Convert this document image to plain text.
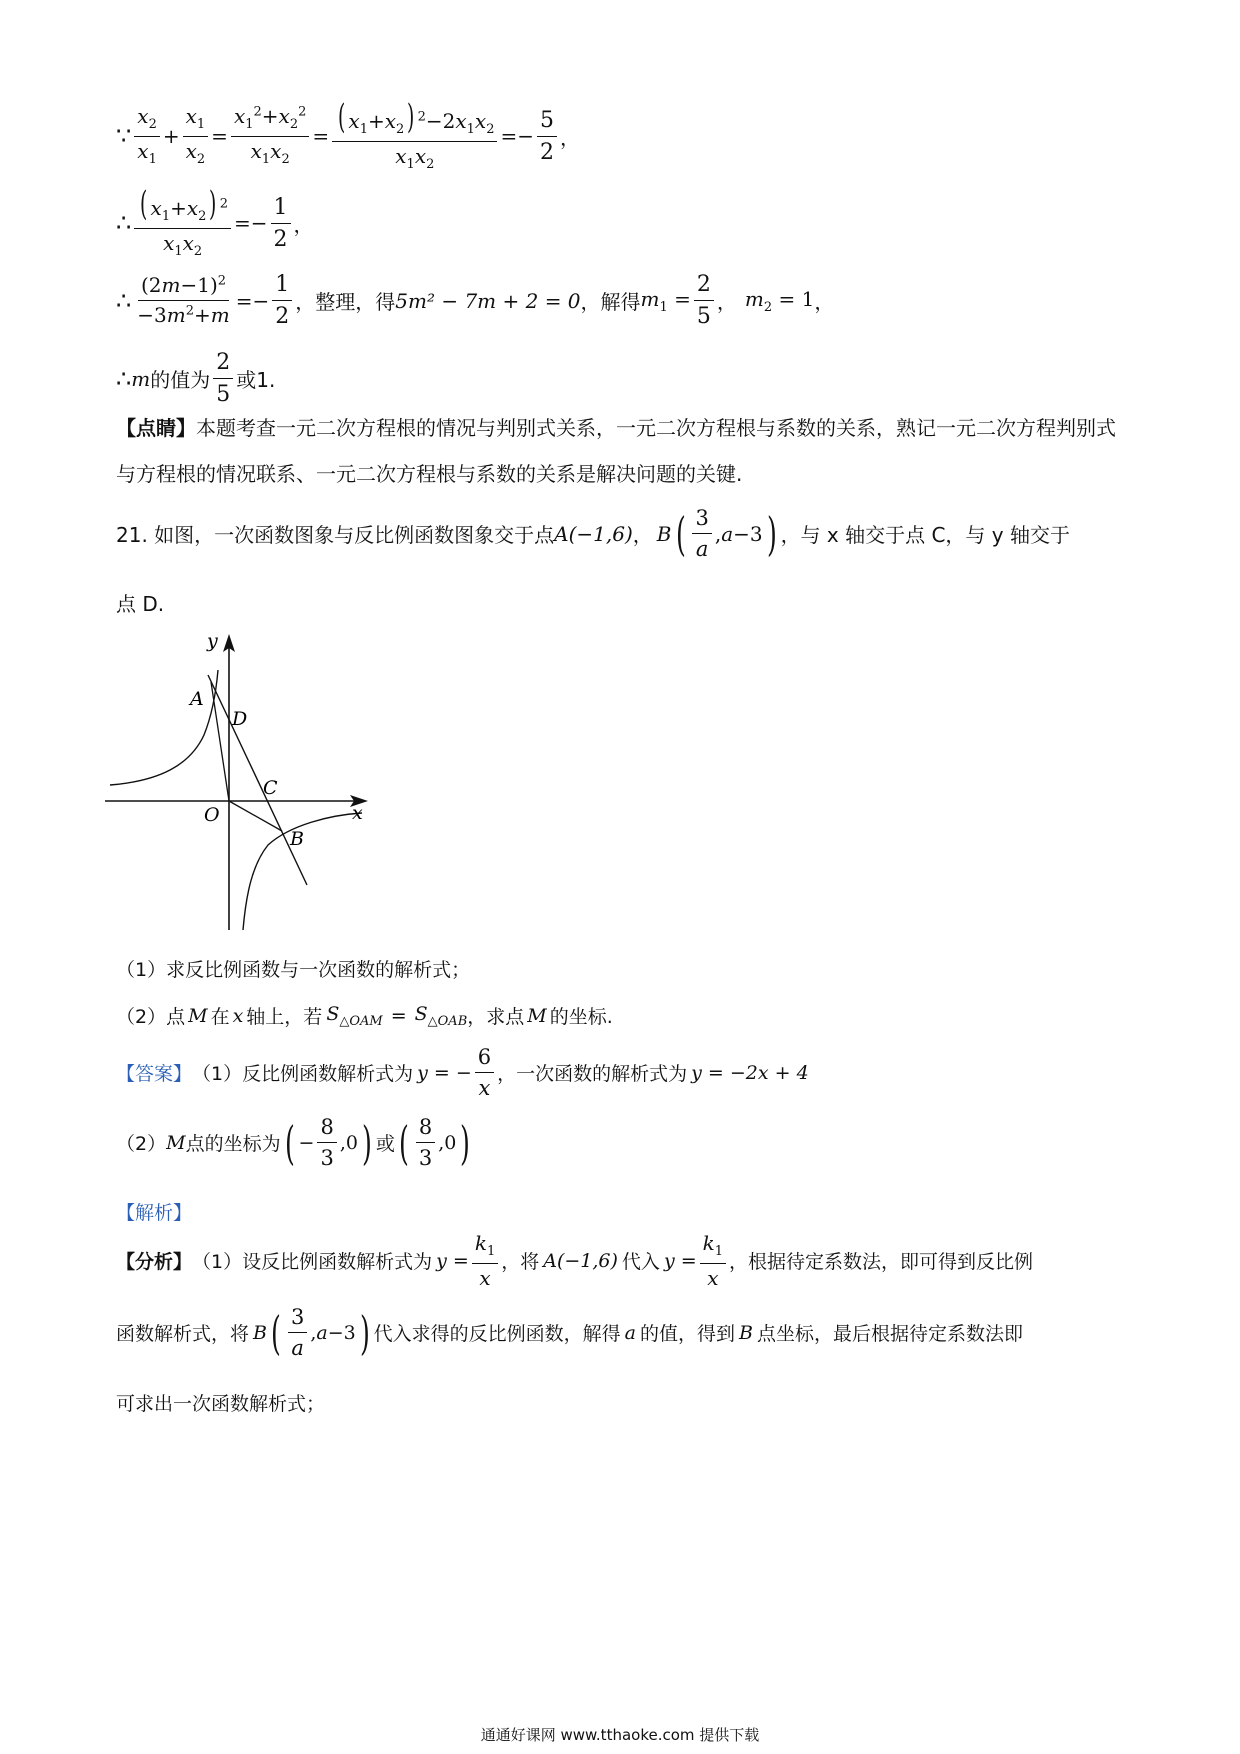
∵ $\frac{x_2}{x_1} + \frac{x_1}{x_2} = \frac{x_1^2+x_2^2}{x_1x_2} = \frac{( x_1+x_2) ^2-2x_1x_2}{x_1x_2} =- \frac{5}{2}$ ，
∴ $\frac{( x_1+x_2) ^2}{x_1x_2} =- \frac{1}{2}$ ，
∴ $\frac{(2m-1)^2}{-3m^2+m} =- \frac{1}{2}$ ，整理，得 5m² − 7m + 2 = 0 ，解得 $m_1 = \frac{2}{5}$ ， $m_2 = 1$ ，
∴ m 的值为 $\frac{2}{5}$ 或1.
【点睛】本题考查一元二次方程根的情况与判别式关系，一元二次方程根与系数的关系，熟记一元二次方程判别式与方程根的情况联系、一元二次方程根与系数的关系是解决问题的关键.
21. 如图，一次函数图象与反比例函数图象交于点 A(−1,6) ， B ( $\frac{3}{a} ,a-3$ ) ，与 x 轴交于点 C，与 y 轴交于
点 D.
y
x
A
D
C
O
B
（1）求反比例函数与一次函数的解析式；
（2）点 M 在 x 轴上，若 $S_{\triangle OAM} = S_{\triangle OAB}$ ，求点 M 的坐标.
【答案】 （1）反比例函数解析式为 y = − $\frac{6}{x}$ ，一次函数的解析式为 y = −2x + 4
（2） M 点的坐标为 ( − $\frac{8}{3} ,0$ ) 或 ( $\frac{8}{3} ,0$ )
【解析】
【分析】 （1）设反比例函数解析式为 $y = \frac{k_1}{x}$ ，将 A(−1,6) 代入 $y = \frac{k_1}{x}$ ，根据待定系数法，即可得到反比例
函数解析式，将 B ( $\frac{3}{a} ,a-3$ ) 代入求得的反比例函数，解得 a 的值，得到 B 点坐标，最后根据待定系数法即
可求出一次函数解析式；
通通好课网 www.tthaoke.com 提供下载
